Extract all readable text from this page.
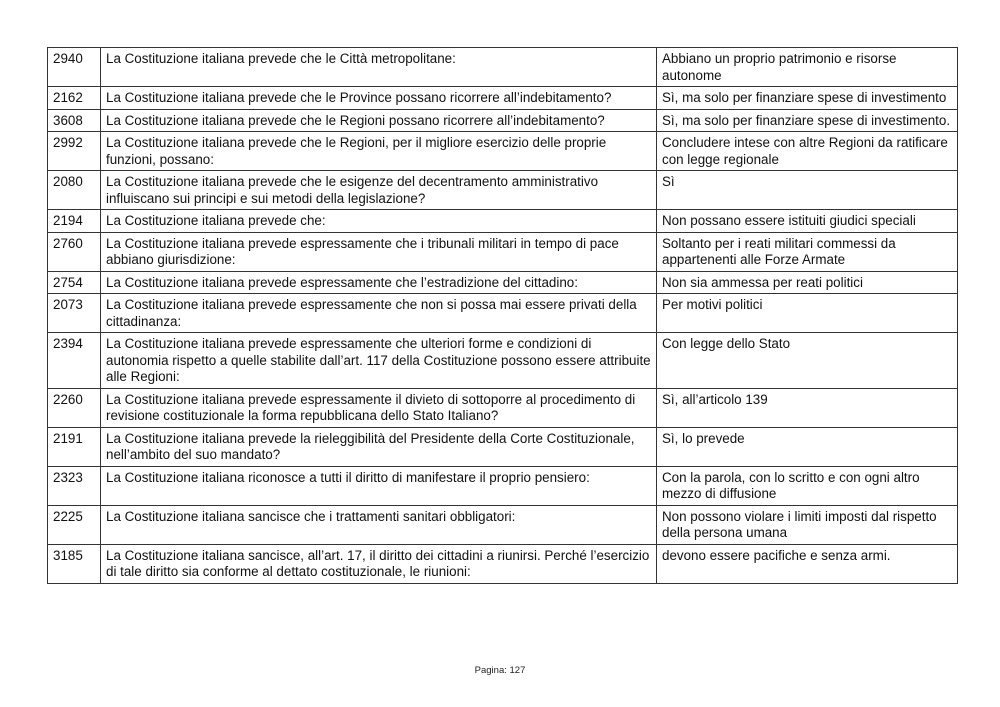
2940	La Costituzione italiana prevede che le Città metropolitane:	Abbiano un proprio patrimonio e risorse autonome
2162	La Costituzione italiana prevede che le Province possano ricorrere all’indebitamento?	Sì, ma solo per finanziare spese di investimento
3608	La Costituzione italiana prevede che le Regioni possano ricorrere all’indebitamento?	Sì, ma solo per finanziare spese di investimento.
2992	La Costituzione italiana prevede che le Regioni, per il migliore esercizio delle proprie funzioni, possano:	Concludere intese con altre Regioni da ratificare con legge regionale
2080	La Costituzione italiana prevede che le esigenze del decentramento amministrativo influiscano sui principi e sui metodi della legislazione?	Sì
2194	La Costituzione italiana prevede che:	Non possano essere istituiti giudici speciali
2760	La Costituzione italiana prevede espressamente che i tribunali militari in tempo di pace abbiano giurisdizione:	Soltanto per i reati militari commessi da appartenenti alle Forze Armate
2754	La Costituzione italiana prevede espressamente che l’estradizione del cittadino:	Non sia ammessa per reati politici
2073	La Costituzione italiana prevede espressamente che non si possa mai essere privati della cittadinanza:	Per motivi politici
2394	La Costituzione italiana prevede espressamente che ulteriori forme e condizioni di autonomia rispetto a quelle stabilite dall’art. 117 della Costituzione possono essere attribuite alle Regioni:	Con legge dello Stato
2260	La Costituzione italiana prevede espressamente il divieto di sottoporre al procedimento di revisione costituzionale la forma repubblicana dello Stato Italiano?	Sì, all’articolo 139
2191	La Costituzione italiana prevede la rieleggibilità del Presidente della Corte Costituzionale, nell’ambito del suo mandato?	Sì, lo prevede
2323	La Costituzione italiana riconosce a tutti il diritto di manifestare il proprio pensiero:	Con la parola, con lo scritto e con ogni altro mezzo di diffusione
2225	La Costituzione italiana sancisce che i trattamenti sanitari obbligatori:	Non possono violare i limiti imposti dal rispetto della persona umana
3185	La Costituzione italiana sancisce, all’art. 17, il diritto dei cittadini a riunirsi. Perché l’esercizio di tale diritto sia conforme al dettato costituzionale, le riunioni:	devono essere pacifiche e senza armi.
Pagina: 127
